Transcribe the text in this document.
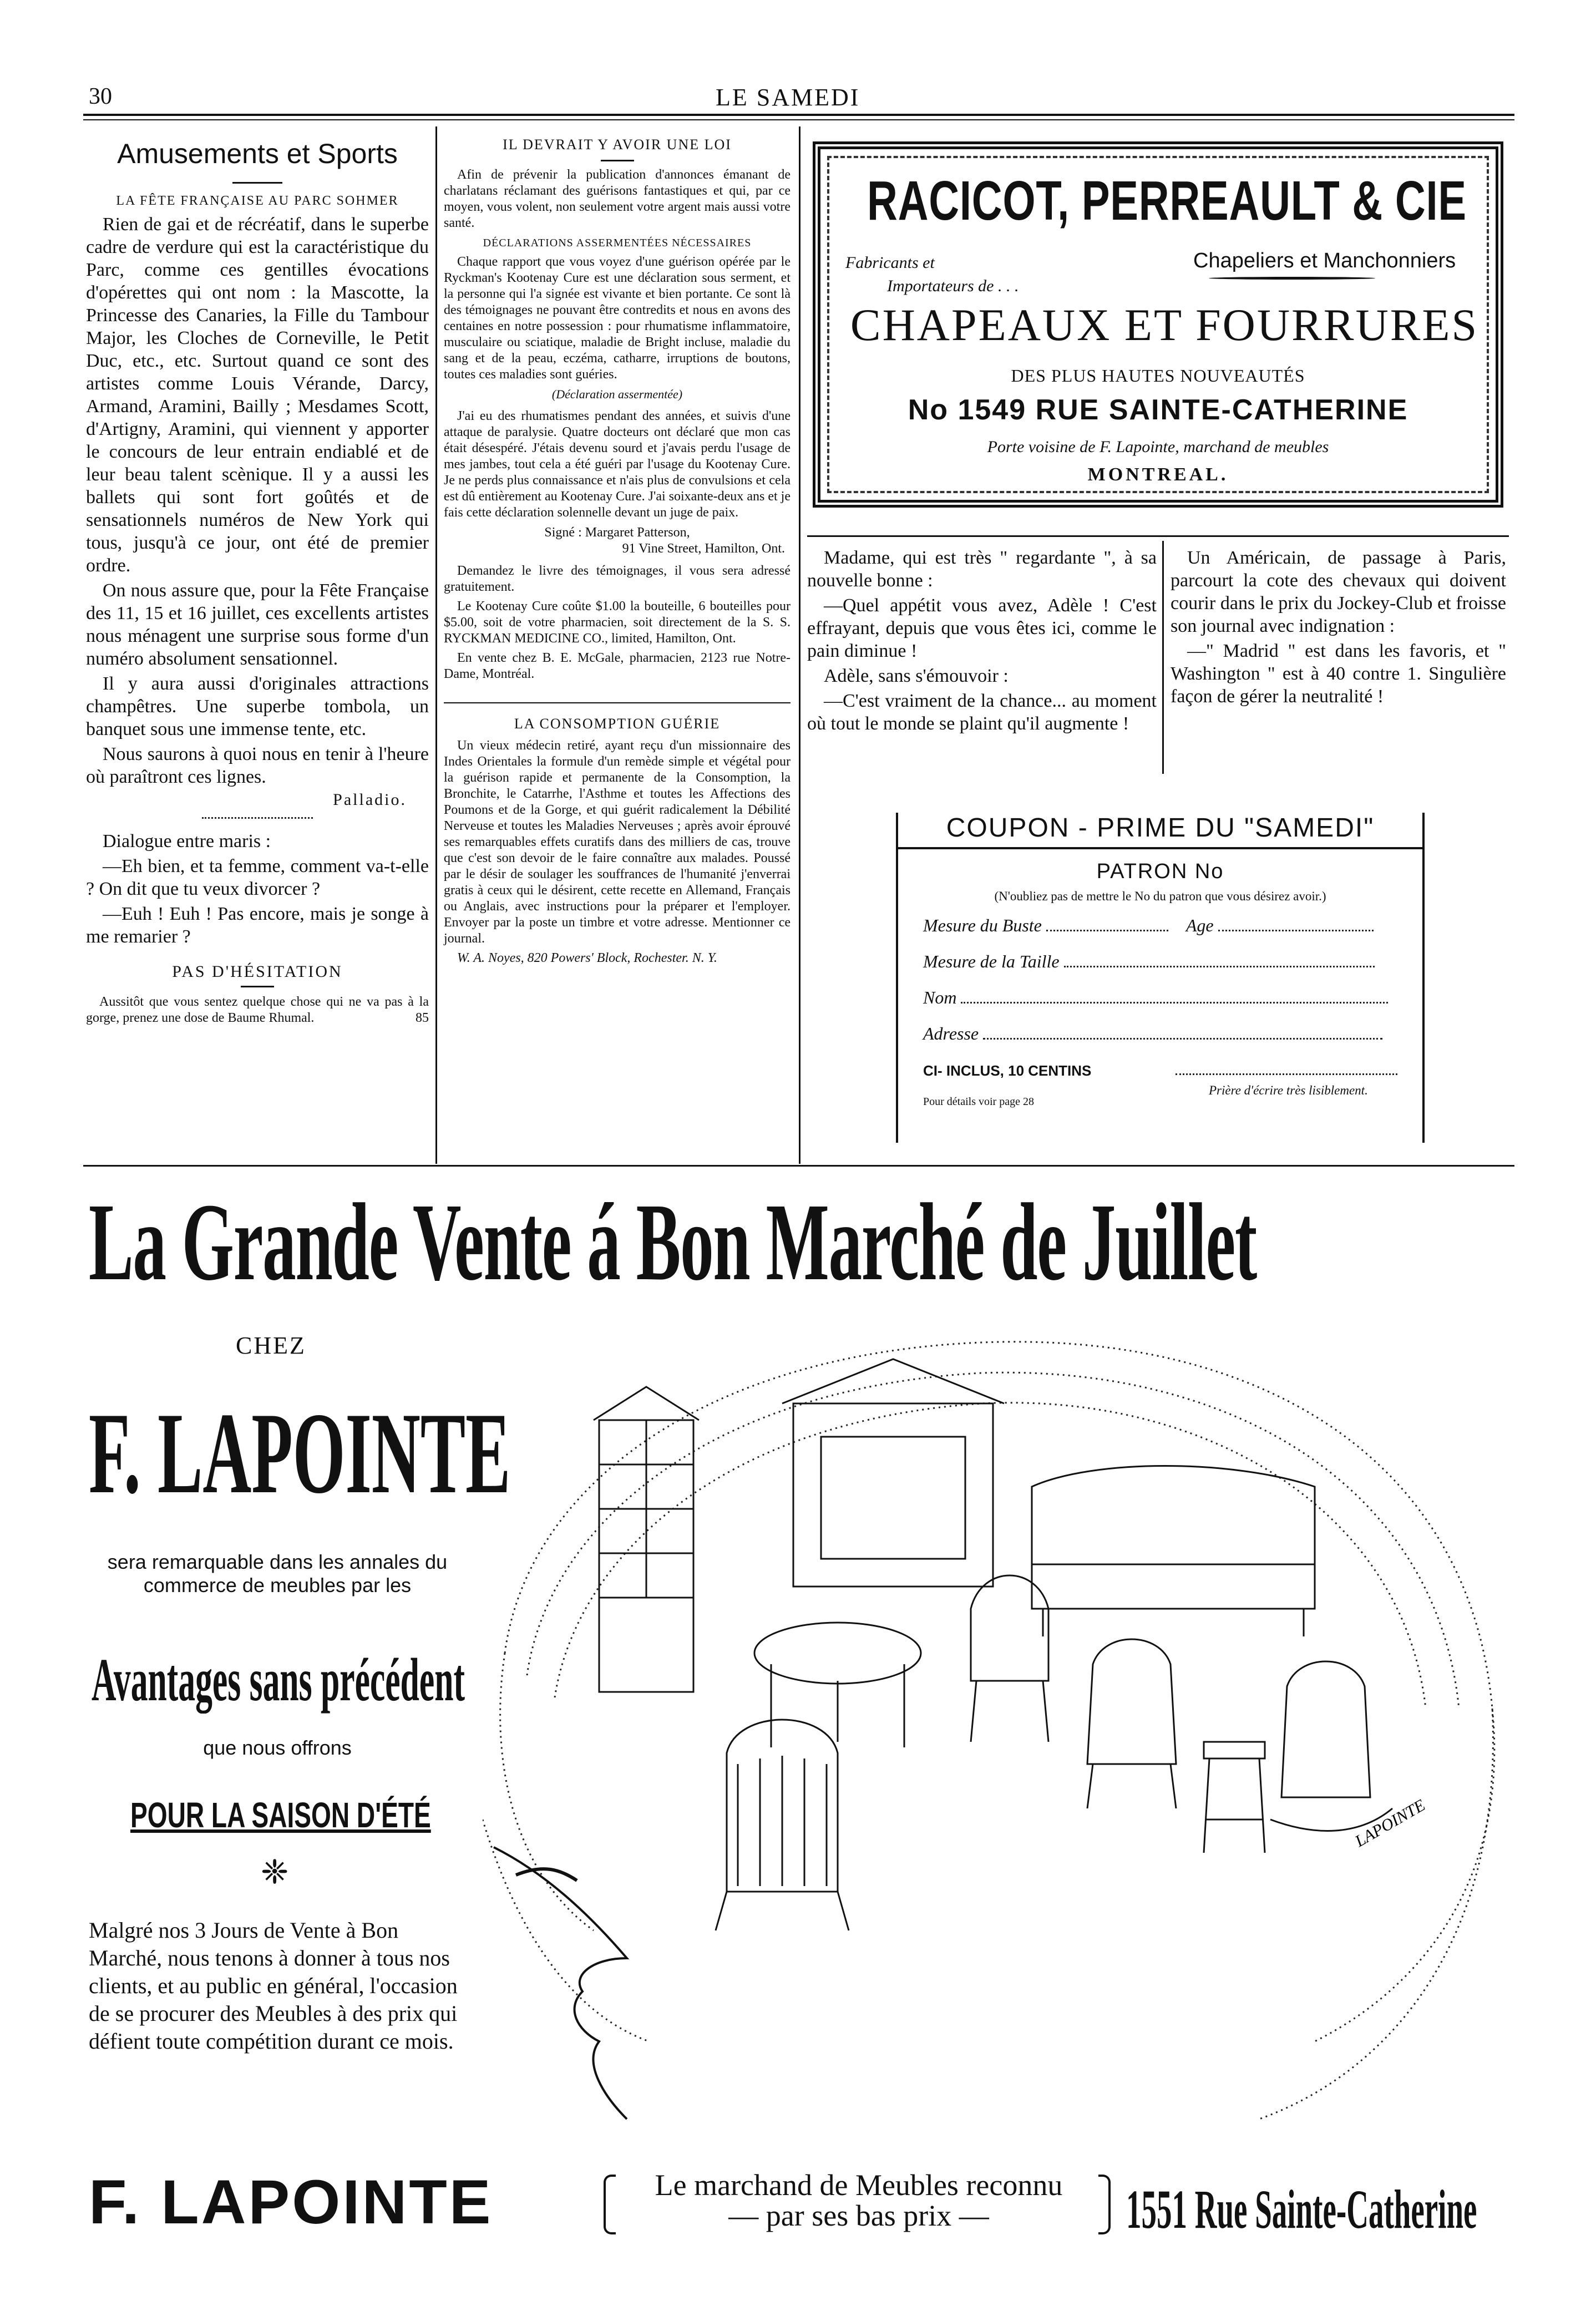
30	LE SAMEDI
Amusements et Sports
LA FÊTE FRANÇAISE AU PARC SOHMER

Rien de gai et de récréatif, dans le superbe cadre de verdure qui est la caractéristique du Parc, comme ces gentilles évocations d'opérettes qui ont nom : la Mascotte, la Princesse des Canaries, la Fille du Tambour Major, les Cloches de Corneville, le Petit Duc, etc., etc. Surtout quand ce sont des artistes comme Louis Vérande, Darcy, Armand, Aramini, Bailly ; Mesdames Scott, d'Artigny, Aramini, qui viennent y apporter le concours de leur entrain endiablé et de leur beau talent scènique. Il y a aussi les ballets qui sont fort goûtés et de sensationnels numéros de New York qui tous, jusqu'à ce jour, ont été de premier ordre.

On nous assure que, pour la Fête Française des 11, 15 et 16 juillet, ces excellents artistes nous ménagent une surprise sous forme d'un numéro absolument sensationnel.

Il y aura aussi d'originales attractions champêtres. Une superbe tombola, un banquet sous une immense tente, etc.

Nous saurons à quoi nous en tenir à l'heure où paraîtront ces lignes.

Palladio.

Dialogue entre maris :

—Eh bien, et ta femme, comment va-t-elle ? On dit que tu veux divorcer ?

—Euh ! Euh ! Pas encore, mais je songe à me remarier ?

PAS D'HÉSITATION

Aussitôt que vous sentez quelque chose qui ne va pas à la gorge, prenez une dose de Baume Rhumal.	85

IL DEVRAIT Y AVOIR UNE LOI

Afin de prévenir la publication d'annonces émanant de charlatans réclamant des guérisons fantastiques et qui, par ce moyen, vous volent, non seulement votre argent mais aussi votre santé.

DÉCLARATIONS ASSERMENTÉES NÉCESSAIRES

Chaque rapport que vous voyez d'une guérison opérée par le Ryckman's Kootenay Cure est une déclaration sous serment, et la personne qui l'a signée est vivante et bien portante. Ce sont là des témoignages ne pouvant être contredits et nous en avons des centaines en notre possession : pour rhumatisme inflammatoire, musculaire ou sciatique, maladie de Bright incluse, maladie du sang et de la peau, eczéma, catharre, irruptions de boutons, toutes ces maladies sont guéries.

(Déclaration assermentée)

J'ai eu des rhumatismes pendant des années, et suivis d'une attaque de paralysie. Quatre docteurs ont déclaré que mon cas était désespéré. J'étais devenu sourd et j'avais perdu l'usage de mes jambes, tout cela a été guéri par l'usage du Kootenay Cure. Je ne perds plus connaissance et n'ais plus de convulsions et cela est dû entièrement au Kootenay Cure. J'ai soixante-deux ans et je fais cette déclaration solennelle devant un juge de paix.

Signé : Margaret Patterson,
91 Vine Street, Hamilton, Ont.

Demandez le livre des témoignages, il vous sera adressé gratuitement.

Le Kootenay Cure coûte $1.00 la bouteille, 6 bouteilles pour $5.00, soit de votre pharmacien, soit directement de la S. S. RYCKMAN MEDICINE CO., limited, Hamilton, Ont.

En vente chez B. E. McGale, pharmacien, 2123 rue Notre-Dame, Montréal.

LA CONSOMPTION GUÉRIE

Un vieux médecin retiré, ayant reçu d'un missionnaire des Indes Orientales la formule d'un remède simple et végétal pour la guérison rapide et permanente de la Consomption, la Bronchite, le Catarrhe, l'Asthme et toutes les Affections des Poumons et de la Gorge, et qui guérit radicalement la Débilité Nerveuse et toutes les Maladies Nerveuses ; après avoir éprouvé ses remarquables effets curatifs dans des milliers de cas, trouve que c'est son devoir de le faire connaître aux malades. Poussé par le désir de soulager les souffrances de l'humanité j'enverrai gratis à ceux qui le désirent, cette recette en Allemand, Français ou Anglais, avec instructions pour la préparer et l'employer. Envoyer par la poste un timbre et votre adresse. Mentionner ce journal.

W. A. Noyes, 820 Powers' Block, Rochester. N. Y.
RACICOT, PERREAULT & CIE
Fabricants et	Chapeliers et Manchonniers
Importateurs de . . .
CHAPEAUX ET FOURRURES
DES PLUS HAUTES NOUVEAUTÉS
No 1549 RUE SAINTE-CATHERINE
Porte voisine de F. Lapointe, marchand de meubles
MONTREAL.

Madame, qui est très " regardante ", à sa nouvelle bonne :

—Quel appétit vous avez, Adèle ! C'est effrayant, depuis que vous êtes ici, comme le pain diminue !

Adèle, sans s'émouvoir :

—C'est vraiment de la chance... au moment où tout le monde se plaint qu'il augmente !

Un Américain, de passage à Paris, parcourt la cote des chevaux qui doivent courir dans le prix du Jockey-Club et froisse son journal avec indignation :

—" Madrid " est dans les favoris, et " Washington " est à 40 contre 1. Singulière façon de gérer la neutralité !

COUPON - PRIME DU "SAMEDI"
PATRON No
(N'oubliez pas de mettre le No du patron que vous désirez avoir.)
Mesure du Buste	Age
Mesure de la Taille
Nom
Adresse
CI- INCLUS, 10 CENTINS
Prière d'écrire très lisiblement.
Pour détails voir page 28
La Grande Vente á Bon Marché de Juillet
LAPOINTE
CHEZ
F. LAPOINTE
sera remarquable dans les annales du commerce de meubles par les
Avantages sans précédent
que nous offrons
POUR LA SAISON D'ÉTÉ
❈
Malgré nos 3 Jours de Vente à Bon Marché, nous tenons à donner à tous nos clients, et au public en général, l'occasion de se procurer des Meubles à des prix qui défient toute compétition durant ce mois.
F. LAPOINTE	Le marchand de Meubles reconnu
— par ses bas prix —	1551 Rue Sainte-Catherine
